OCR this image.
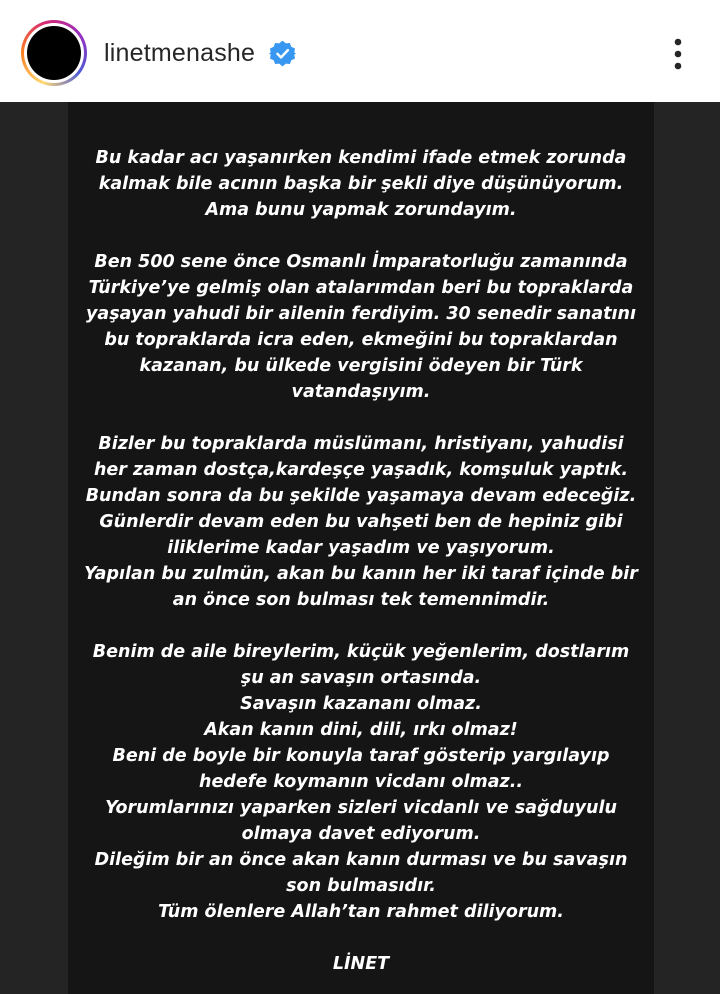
linetmenashe
Bu kadar acı yaşanırken kendimi ifade etmek zorunda
kalmak bile acının başka bir şekli diye düşünüyorum.
Ama bunu yapmak zorundayım.
Ben 500 sene önce Osmanlı İmparatorluğu zamanında
Türkiye’ye gelmiş olan atalarımdan beri bu topraklarda
yaşayan yahudi bir ailenin ferdiyim. 30 senedir sanatını
bu topraklarda icra eden, ekmeğini bu topraklardan
kazanan, bu ülkede vergisini ödeyen bir Türk
vatandaşıyım.
Bizler bu topraklarda müslümanı, hristiyanı, yahudisi
her zaman dostça,kardeşçe yaşadık, komşuluk yaptık.
Bundan sonra da bu şekilde yaşamaya devam edeceğiz.
Günlerdir devam eden bu vahşeti ben de hepiniz gibi
iliklerime kadar yaşadım ve yaşıyorum.
Yapılan bu zulmün, akan bu kanın her iki taraf içinde bir
an önce son bulması tek temennimdir.
Benim de aile bireylerim, küçük yeğenlerim, dostlarım
şu an savaşın ortasında.
Savaşın kazananı olmaz.
Akan kanın dini, dili, ırkı olmaz!
Beni de boyle bir konuyla taraf gösterip yargılayıp
hedefe koymanın vicdanı olmaz..
Yorumlarınızı yaparken sizleri vicdanlı ve sağduyulu
olmaya davet ediyorum.
Dileğim bir an önce akan kanın durması ve bu savaşın
son bulmasıdır.
Tüm ölenlere Allah’tan rahmet diliyorum.
LİNET
